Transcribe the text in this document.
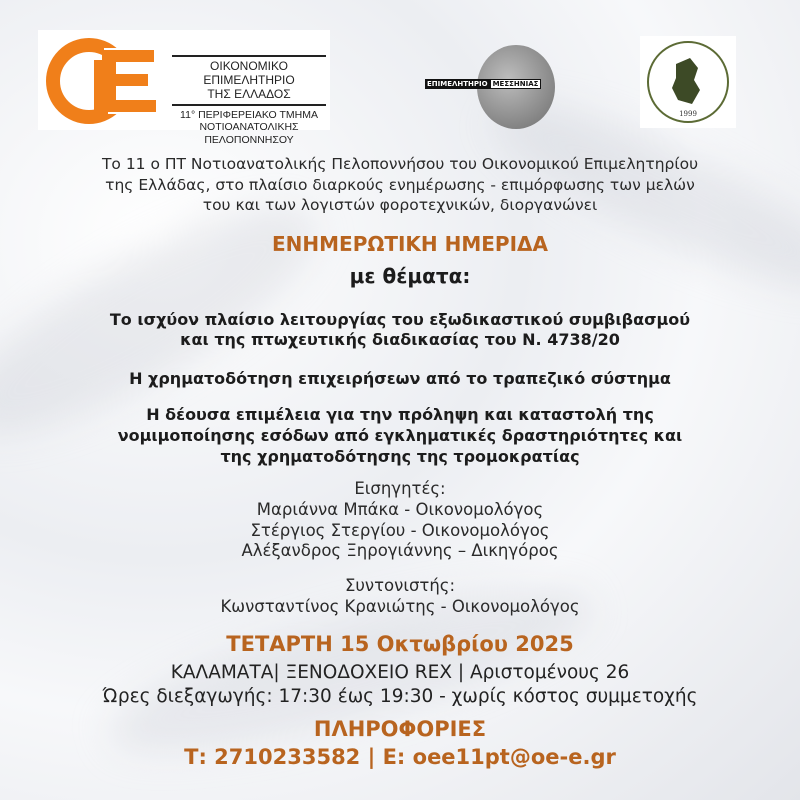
ΟΙΚΟΝΟΜΙΚΟ ΕΠΙΜΕΛΗΤΗΡΙΟ
ΤΗΣ ΕΛΛΑΔΟΣ
11° ΠΕΡΙΦΕΡΕΙΑΚΟ ΤΜΗΜΑ
ΝΟΤΙΟΑΝΑΤΟΛΙΚΗΣ ΠΕΛΟΠΟΝΝΗΣΟΥ
ΕΠΙΜΕΛΗΤΗΡΙΟ ΜΕΣΣΗΝΙΑΣ
1999
Το 11 ο ΠΤ Νοτιοανατολικής Πελοποννήσου του Οικονομικού Επιμελητηρίου
της Ελλάδας, στο πλαίσιο διαρκούς ενημέρωσης - επιμόρφωσης των μελών
του και των λογιστών φοροτεχνικών, διοργανώνει
ΕΝΗΜΕΡΩΤΙΚΗ ΗΜΕΡΙΔΑ
με θέματα:
Το ισχύον πλαίσιο λειτουργίας του εξωδικαστικού συμβιβασμού
και της πτωχευτικής διαδικασίας του Ν. 4738/20
Η χρηματοδότηση επιχειρήσεων από το τραπεζικό σύστημα
Η δέουσα επιμέλεια για την πρόληψη και καταστολή της
νομιμοποίησης εσόδων από εγκληματικές δραστηριότητες και
της χρηματοδότησης της τρομοκρατίας
Εισηγητές:
Μαριάννα Μπάκα - Οικονομολόγος
Στέργιος Στεργίου - Οικονομολόγος
Αλέξανδρος Ξηρογιάννης – Δικηγόρος
Συντονιστής:
Κωνσταντίνος Κρανιώτης - Οικονομολόγος
ΤΕΤΑΡΤΗ 15 Οκτωβρίου 2025
ΚΑΛΑΜΑΤΑ| ΞΕΝΟΔΟΧΕΙΟ REX | Αριστομένους 26
Ώρες διεξαγωγής: 17:30 έως 19:30 - χωρίς κόστος συμμετοχής
ΠΛΗΡΟΦΟΡΙΕΣ
Τ: 2710233582 | Ε: oee11pt@oe-e.gr
